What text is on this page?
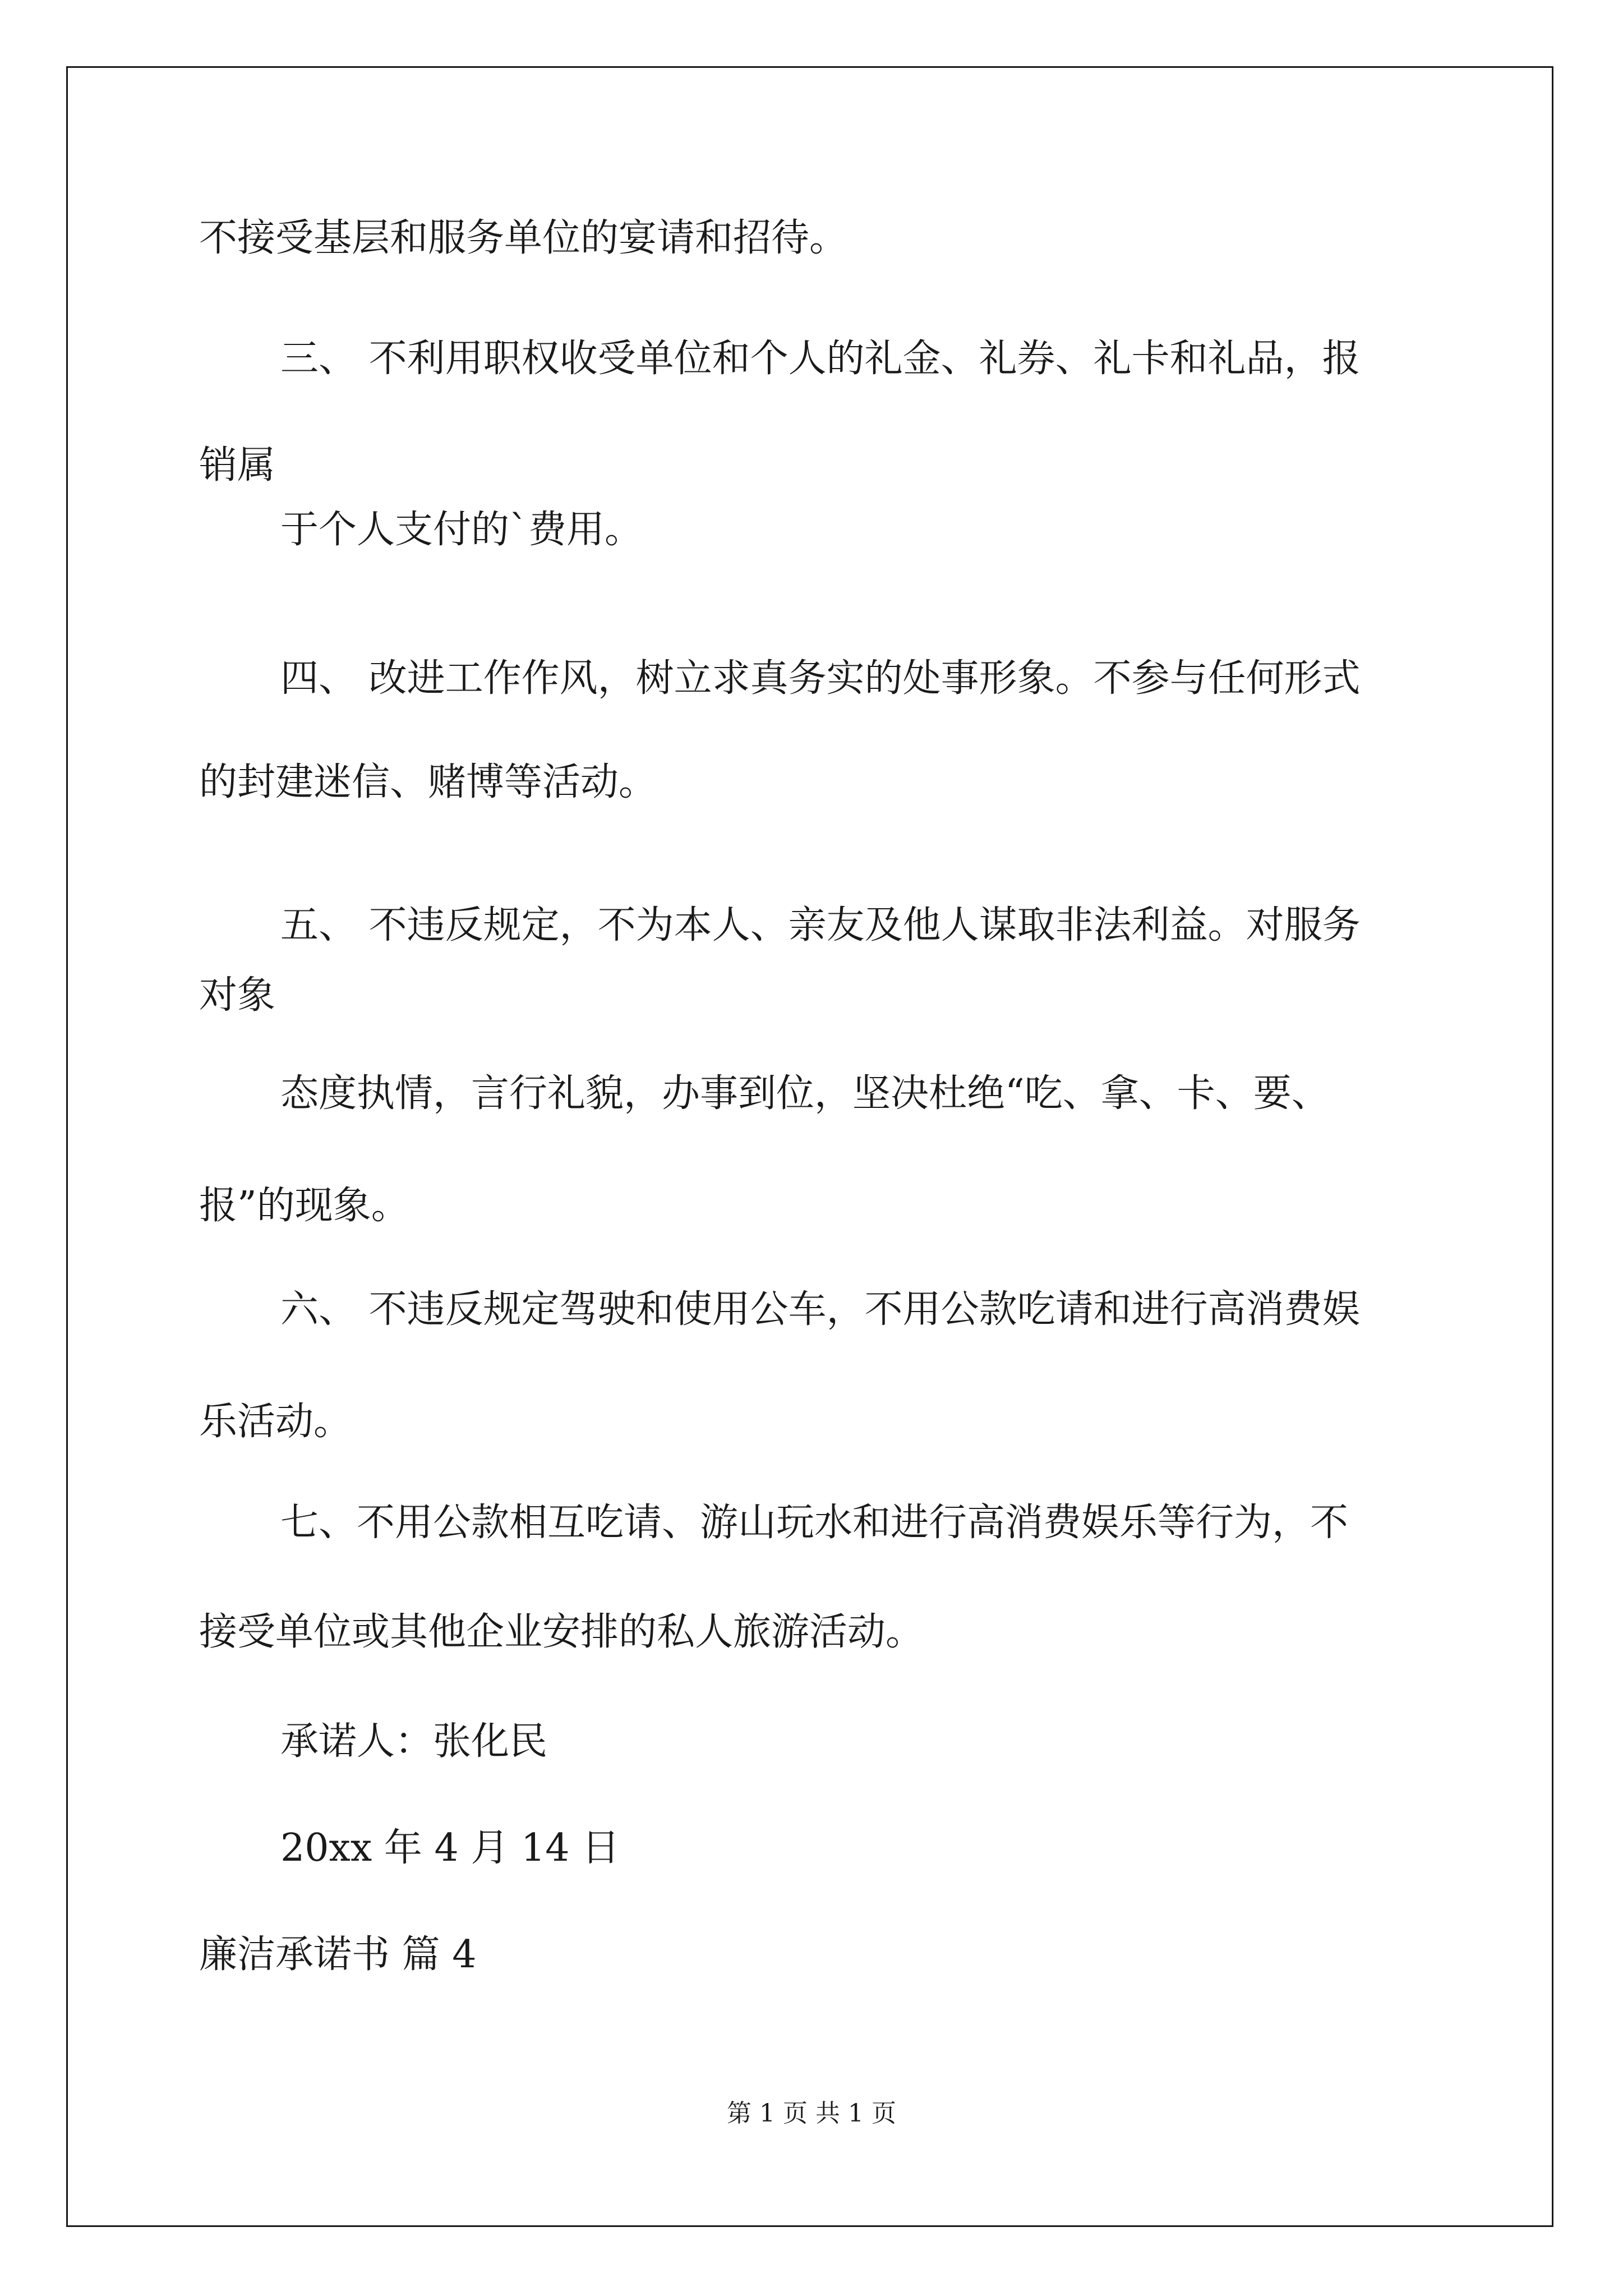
不接受基层和服务单位的宴请和招待。

三、 不利用职权收受单位和个人的礼金、礼券、礼卡和礼品，报

销属

于个人支付的`费用。

四、 改进工作作风，树立求真务实的处事形象。不参与任何形式

的封建迷信、赌博等活动。

五、 不违反规定，不为本人、亲友及他人谋取非法利益。对服务

对象

态度执情，言行礼貌，办事到位，坚决杜绝“吃、拿、卡、要、

报”的现象。

六、 不违反规定驾驶和使用公车，不用公款吃请和进行高消费娱

乐活动。

七、不用公款相互吃请、游山玩水和进行高消费娱乐等行为，不

接受单位或其他企业安排的私人旅游活动。

承诺人：张化民

20xx 年 4 月 14 日

廉洁承诺书 篇 4

第 1 页 共 1 页
